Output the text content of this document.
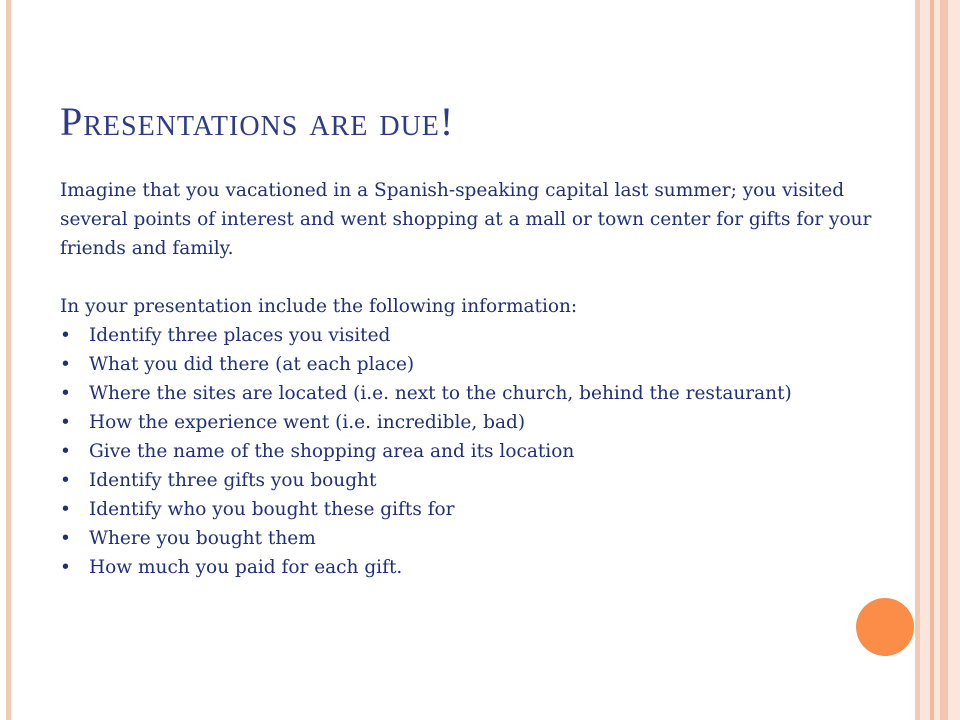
Presentations are due!

Imagine that you vacationed in a Spanish-speaking capital last summer; you visited several points of interest and went shopping at a mall or town center for gifts for your friends and family.

In your presentation include the following information:

• Identify three places you visited
• What you did there (at each place)
• Where the sites are located (i.e. next to the church, behind the restaurant)
• How the experience went (i.e. incredible, bad)
• Give the name of the shopping area and its location
• Identify three gifts you bought
• Identify who you bought these gifts for
• Where you bought them
• How much you paid for each gift.
